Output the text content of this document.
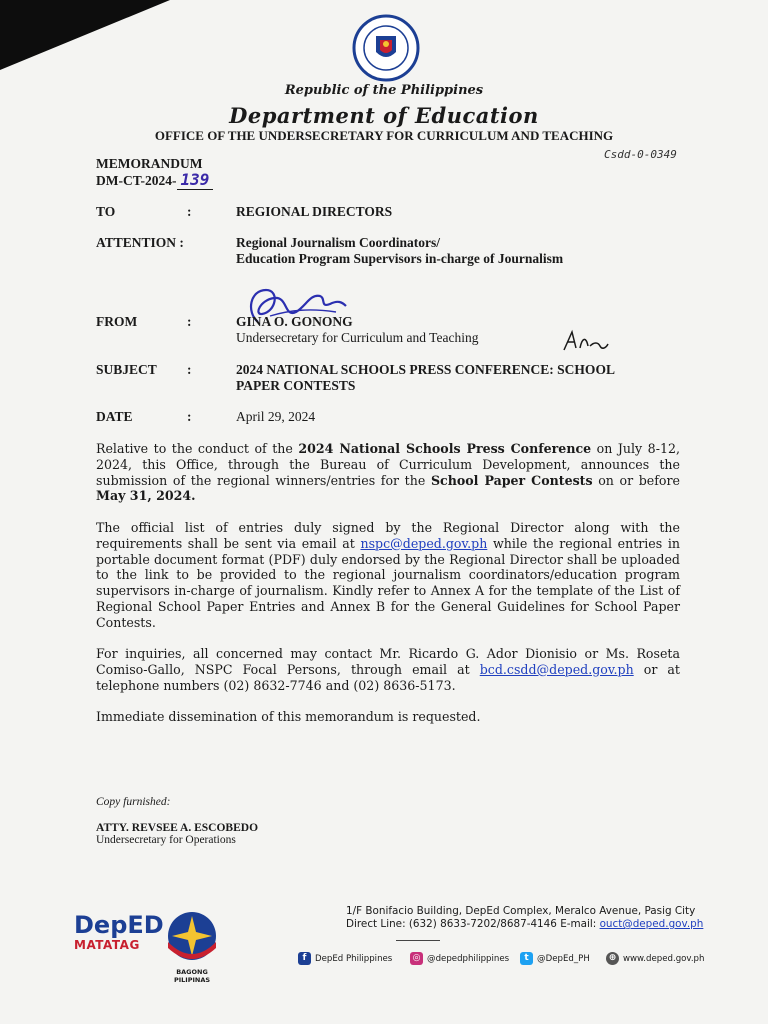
Republic of the Philippines
Department of Education
OFFICE OF THE UNDERSECRETARY FOR CURRICULUM AND TEACHING
Csdd-0-0349
MEMORANDUM
DM-CT-2024- 139
TO	:	REGIONAL DIRECTORS
ATTENTION :	Regional Journalism Coordinators/
Education Program Supervisors in-charge of Journalism
FROM	:	GINA O. GONONG
Undersecretary for Curriculum and Teaching
SUBJECT :	2024 NATIONAL SCHOOLS PRESS CONFERENCE: SCHOOL
PAPER CONTESTS
DATE	:	April 29, 2024
Relative to the conduct of the 2024 National Schools Press Conference on July 8-12, 2024, this Office, through the Bureau of Curriculum Development, announces the submission of the regional winners/entries for the School Paper Contests on or before May 31, 2024.
The official list of entries duly signed by the Regional Director along with the requirements shall be sent via email at nspc@deped.gov.ph while the regional entries in portable document format (PDF) duly endorsed by the Regional Director shall be uploaded to the link to be provided to the regional journalism coordinators/education program supervisors in-charge of journalism. Kindly refer to Annex A for the template of the List of Regional School Paper Entries and Annex B for the General Guidelines for School Paper Contests.
For inquiries, all concerned may contact Mr. Ricardo G. Ador Dionisio or Ms. Roseta Comiso-Gallo, NSPC Focal Persons, through email at bcd.csdd@deped.gov.ph or at telephone numbers (02) 8632-7746 and (02) 8636-5173.
Immediate dissemination of this memorandum is requested.
Copy furnished:
ATTY. REVSEE A. ESCOBEDO
Undersecretary for Operations
DepED
MATATAG
BAGONG PILIPINAS
1/F Bonifacio Building, DepEd Complex, Meralco Avenue, Pasig City
Direct Line: (632) 8633-7202/8687-4146 E-mail: ouct@deped.gov.ph
f DepEd Philippines ◎ @depedphilippines	t @DepEd_PH	⊕ www.deped.gov.ph
